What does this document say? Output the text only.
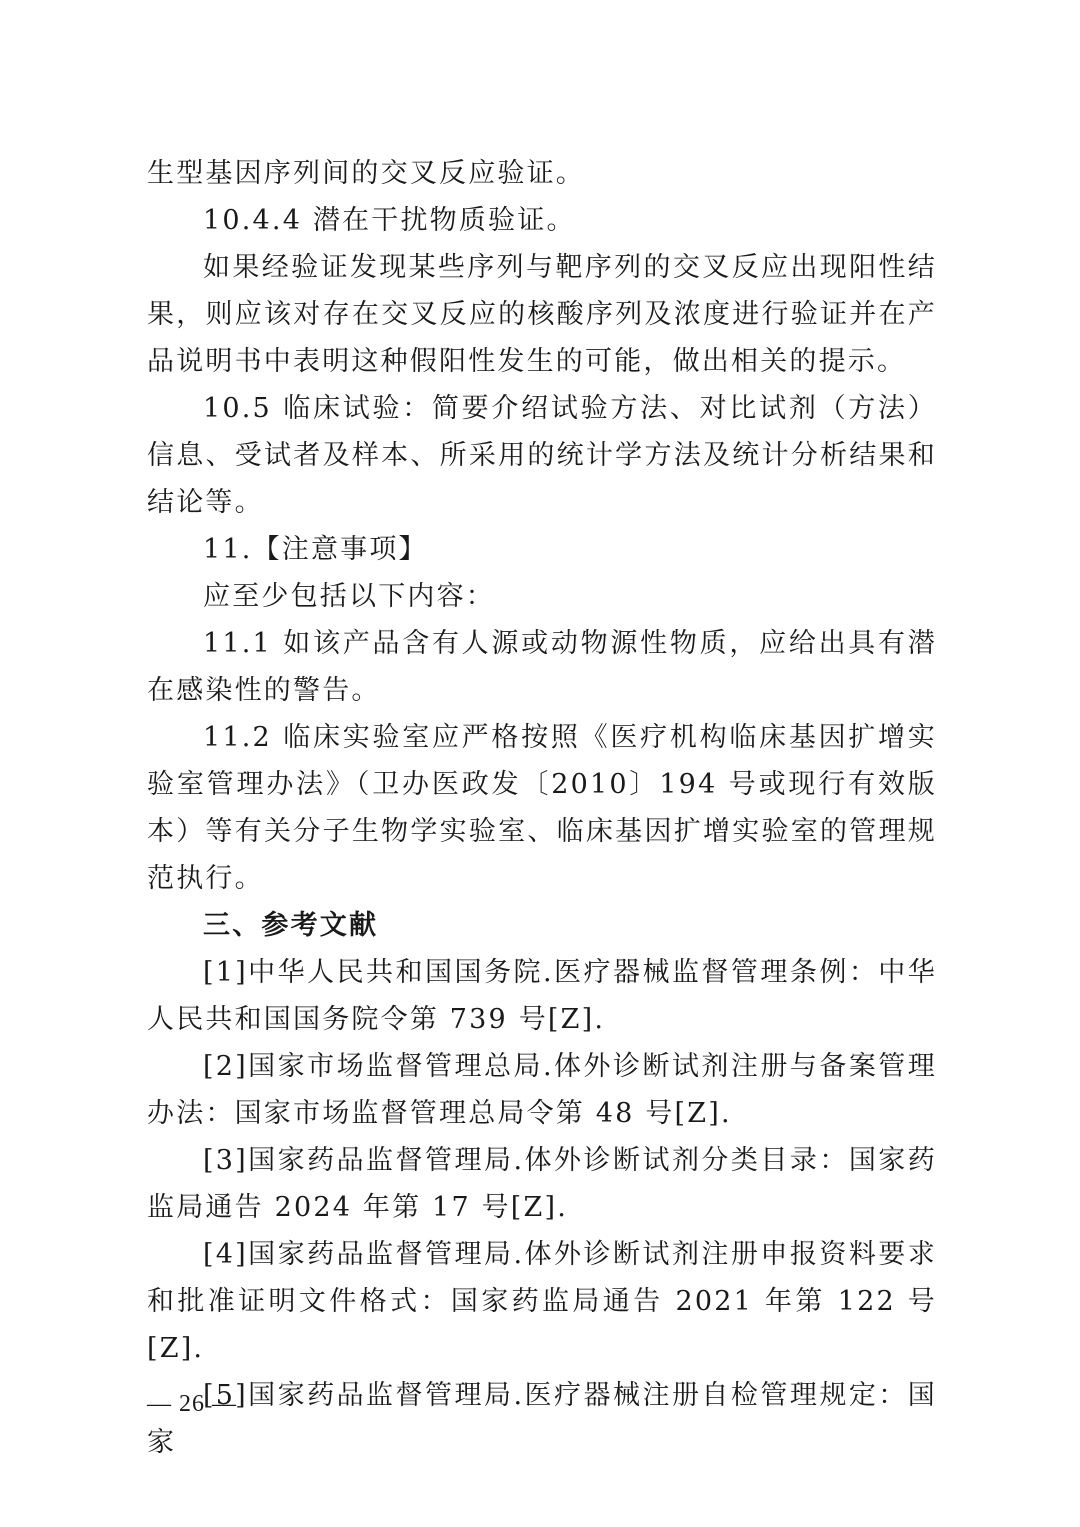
生型基因序列间的交叉反应验证。

10.4.4 潜在干扰物质验证。

如果经验证发现某些序列与靶序列的交叉反应出现阳性结果，则应该对存在交叉反应的核酸序列及浓度进行验证并在产品说明书中表明这种假阳性发生的可能，做出相关的提示。

10.5 临床试验：简要介绍试验方法、对比试剂（方法）信息、受试者及样本、所采用的统计学方法及统计分析结果和结论等。

11.【注意事项】

应至少包括以下内容：

11.1 如该产品含有人源或动物源性物质，应给出具有潜在感染性的警告。

11.2 临床实验室应严格按照《医疗机构临床基因扩增实验室管理办法》（卫办医政发〔2010〕194 号或现行有效版本）等有关分子生物学实验室、临床基因扩增实验室的管理规范执行。

三、参考文献

[1]中华人民共和国国务院.医疗器械监督管理条例：中华人民共和国国务院令第 739 号[Z].

[2]国家市场监督管理总局.体外诊断试剂注册与备案管理办法：国家市场监督管理总局令第 48 号[Z].

[3]国家药品监督管理局.体外诊断试剂分类目录：国家药监局通告 2024 年第 17 号[Z].

[4]国家药品监督管理局.体外诊断试剂注册申报资料要求和批准证明文件格式：国家药监局通告 2021 年第 122 号[Z].

[5]国家药品监督管理局.医疗器械注册自检管理规定：国家

— 26 —
